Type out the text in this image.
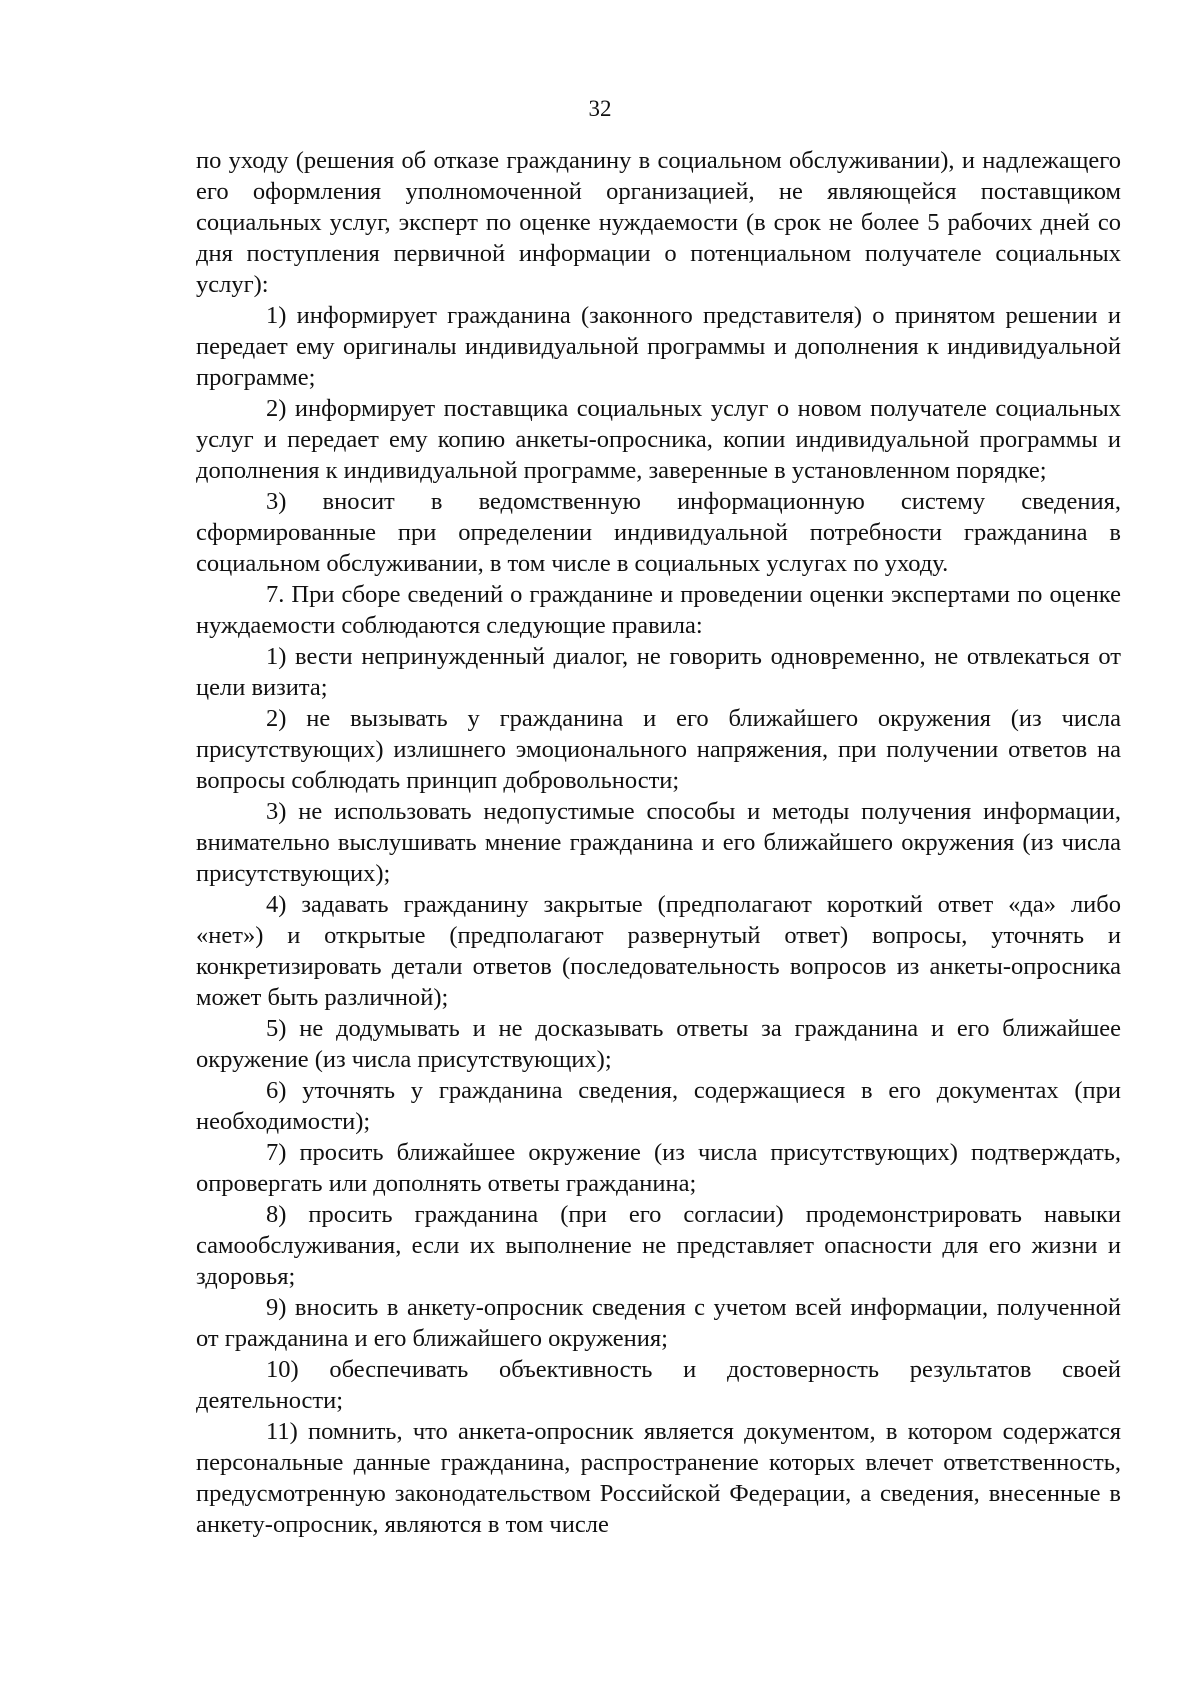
32

по уходу (решения об отказе гражданину в социальном обслуживании), и надлежащего его оформления уполномоченной организацией, не являющейся поставщиком социальных услуг, эксперт по оценке нуждаемости (в срок не более 5 рабочих дней со дня поступления первичной информации о потенциальном получателе социальных услуг):

1) информирует гражданина (законного представителя) о принятом решении и передает ему оригиналы индивидуальной программы и дополнения к индивидуальной программе;

2) информирует поставщика социальных услуг о новом получателе социальных услуг и передает ему копию анкеты-опросника, копии индивидуальной программы и дополнения к индивидуальной программе, заверенные в установленном порядке;

3) вносит в ведомственную информационную систему сведения, сформированные при определении индивидуальной потребности гражданина в социальном обслуживании, в том числе в социальных услугах по уходу.

7. При сборе сведений о гражданине и проведении оценки экспертами по оценке нуждаемости соблюдаются следующие правила:

1) вести непринужденный диалог, не говорить одновременно, не отвлекаться от цели визита;

2) не вызывать у гражданина и его ближайшего окружения (из числа присутствующих) излишнего эмоционального напряжения, при получении ответов на вопросы соблюдать принцип добровольности;

3) не использовать недопустимые способы и методы получения информации, внимательно выслушивать мнение гражданина и его ближайшего окружения (из числа присутствующих);

4) задавать гражданину закрытые (предполагают короткий ответ «да» либо «нет») и открытые (предполагают развернутый ответ) вопросы, уточнять и конкретизировать детали ответов (последовательность вопросов из анкеты-опросника может быть различной);

5) не додумывать и не досказывать ответы за гражданина и его ближайшее окружение (из числа присутствующих);

6) уточнять у гражданина сведения, содержащиеся в его документах (при необходимости);

7) просить ближайшее окружение (из числа присутствующих) подтверждать, опровергать или дополнять ответы гражданина;

8) просить гражданина (при его согласии) продемонстрировать навыки самообслуживания, если их выполнение не представляет опасности для его жизни и здоровья;

9) вносить в анкету-опросник сведения с учетом всей информации, полученной от гражданина и его ближайшего окружения;

10) обеспечивать объективность и достоверность результатов своей деятельности;

11) помнить, что анкета-опросник является документом, в котором содержатся персональные данные гражданина, распространение которых влечет ответственность, предусмотренную законодательством Российской Федерации, а сведения, внесенные в анкету-опросник, являются в том числе
